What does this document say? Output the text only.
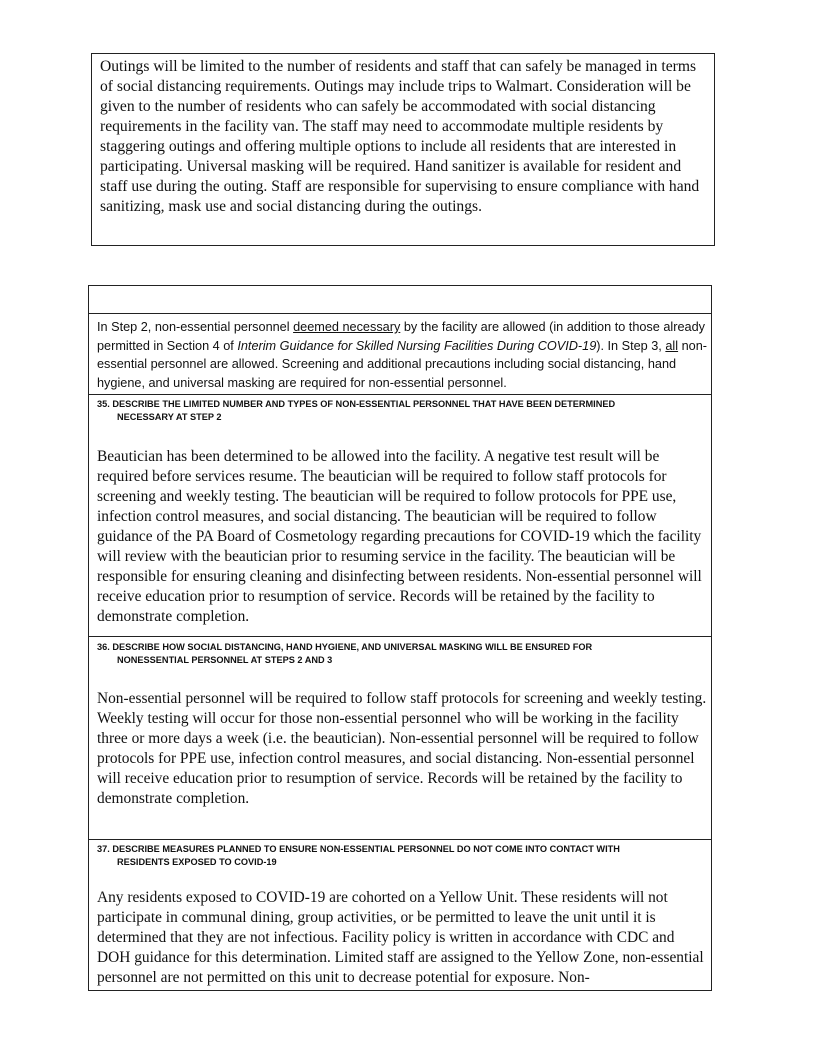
Outings will be limited to the number of residents and staff that can safely be managed in terms of social distancing requirements. Outings may include trips to Walmart. Consideration will be given to the number of residents who can safely be accommodated with social distancing requirements in the facility van. The staff may need to accommodate multiple residents by staggering outings and offering multiple options to include all residents that are interested in participating. Universal masking will be required. Hand sanitizer is available for resident and staff use during the outing. Staff are responsible for supervising to ensure compliance with hand sanitizing, mask use and social distancing during the outings.

In Step 2, non-essential personnel deemed necessary by the facility are allowed (in addition to those already permitted in Section 4 of Interim Guidance for Skilled Nursing Facilities During COVID-19). In Step 3, all non-essential personnel are allowed. Screening and additional precautions including social distancing, hand hygiene, and universal masking are required for non-essential personnel.

35. DESCRIBE THE LIMITED NUMBER AND TYPES OF NON-ESSENTIAL PERSONNEL THAT HAVE BEEN DETERMINED
NECESSARY AT STEP 2

Beautician has been determined to be allowed into the facility. A negative test result will be required before services resume. The beautician will be required to follow staff protocols for screening and weekly testing. The beautician will be required to follow protocols for PPE use, infection control measures, and social distancing. The beautician will be required to follow guidance of the PA Board of Cosmetology regarding precautions for COVID-19 which the facility will review with the beautician prior to resuming service in the facility. The beautician will be responsible for ensuring cleaning and disinfecting between residents. Non-essential personnel will receive education prior to resumption of service. Records will be retained by the facility to demonstrate completion.

36. DESCRIBE HOW SOCIAL DISTANCING, HAND HYGIENE, AND UNIVERSAL MASKING WILL BE ENSURED FOR
NONESSENTIAL PERSONNEL AT STEPS 2 AND 3

Non-essential personnel will be required to follow staff protocols for screening and weekly testing. Weekly testing will occur for those non-essential personnel who will be working in the facility three or more days a week (i.e. the beautician). Non-essential personnel will be required to follow protocols for PPE use, infection control measures, and social distancing. Non-essential personnel will receive education prior to resumption of service. Records will be retained by the facility to demonstrate completion.

37. DESCRIBE MEASURES PLANNED TO ENSURE NON-ESSENTIAL PERSONNEL DO NOT COME INTO CONTACT WITH
RESIDENTS EXPOSED TO COVID-19

Any residents exposed to COVID-19 are cohorted on a Yellow Unit. These residents will not participate in communal dining, group activities, or be permitted to leave the unit until it is determined that they are not infectious. Facility policy is written in accordance with CDC and DOH guidance for this determination. Limited staff are assigned to the Yellow Zone, non-essential personnel are not permitted on this unit to decrease potential for exposure. Non-
